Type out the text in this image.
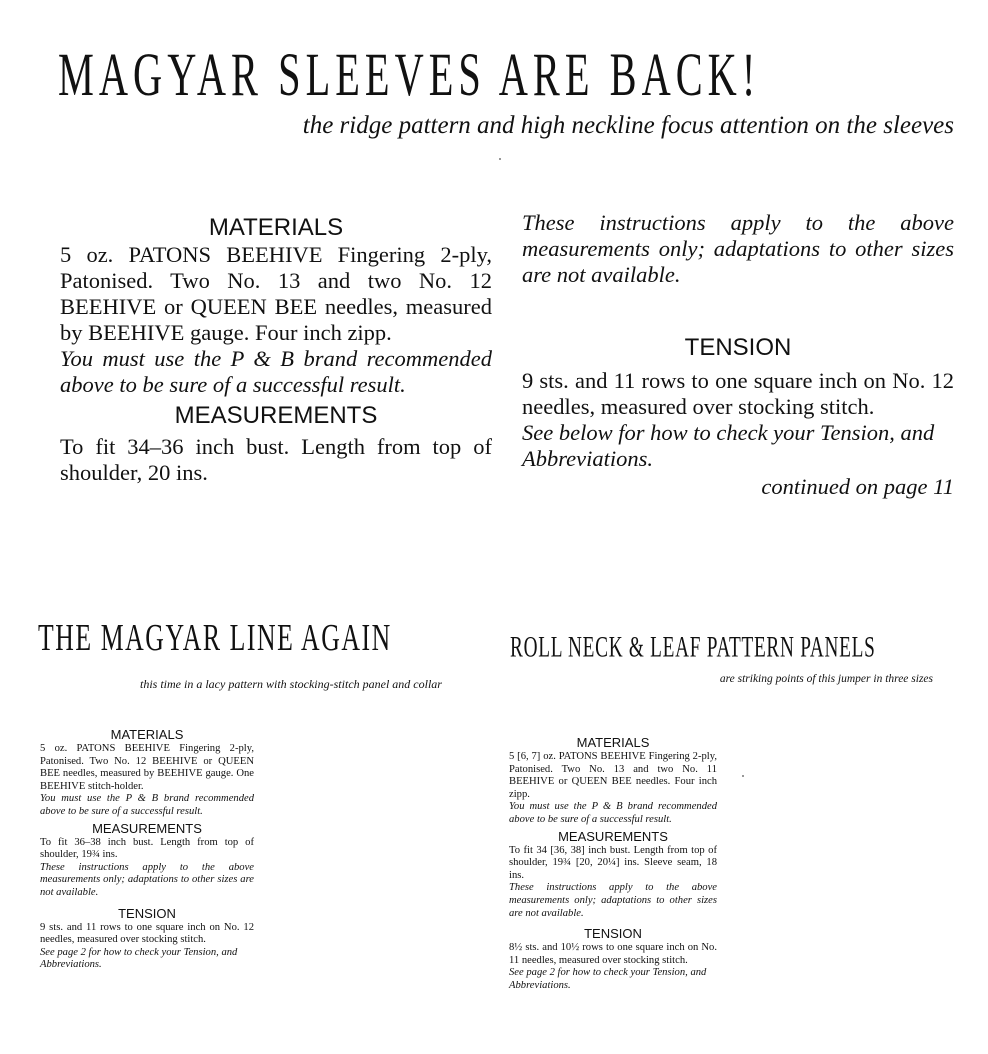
MAGYAR SLEEVES ARE BACK!
the ridge pattern and high neckline focus attention on the sleeves
MATERIALS

5 oz. PATONS BEEHIVE Fingering 2-ply, Patonised. Two No. 13 and two No. 12 BEEHIVE or QUEEN BEE needles, measured by BEEHIVE gauge. Four inch zipp.

You must use the P & B brand recommended above to be sure of a successful result.

MEASUREMENTS

To fit 34–36 inch bust. Length from top of shoulder, 20 ins.

These instructions apply to the above measurements only; adaptations to other sizes are not available.

TENSION

9 sts. and 11 rows to one square inch on No. 12 needles, measured over stocking stitch.

See below for how to check your Tension, and Abbreviations.

continued on page 11

THE MAGYAR LINE AGAIN
this time in a lacy pattern with stocking-stitch panel and collar
MATERIALS

5 oz. PATONS BEEHIVE Fingering 2-ply, Patonised. Two No. 12 BEEHIVE or QUEEN BEE needles, measured by BEEHIVE gauge. One BEEHIVE stitch-holder.

You must use the P & B brand recommended above to be sure of a successful result.

MEASUREMENTS

To fit 36–38 inch bust. Length from top of shoulder, 19¾ ins.

These instructions apply to the above measurements only; adaptations to other sizes are not available.

TENSION

9 sts. and 11 rows to one square inch on No. 12 needles, measured over stocking stitch.

See page 2 for how to check your Tension, and Abbreviations.

ROLL NECK & LEAF PATTERN PANELS
are striking points of this jumper in three sizes
MATERIALS

5 [6, 7] oz. PATONS BEEHIVE Fingering 2-ply, Patonised. Two No. 13 and two No. 11 BEEHIVE or QUEEN BEE needles. Four inch zipp.

You must use the P & B brand recommended above to be sure of a successful result.

MEASUREMENTS

To fit 34 [36, 38] inch bust. Length from top of shoulder, 19¾ [20, 20¼] ins. Sleeve seam, 18 ins.

These instructions apply to the above measurements only; adaptations to other sizes are not available.

TENSION

8½ sts. and 10½ rows to one square inch on No. 11 needles, measured over stocking stitch.

See page 2 for how to check your Tension, and Abbreviations.
